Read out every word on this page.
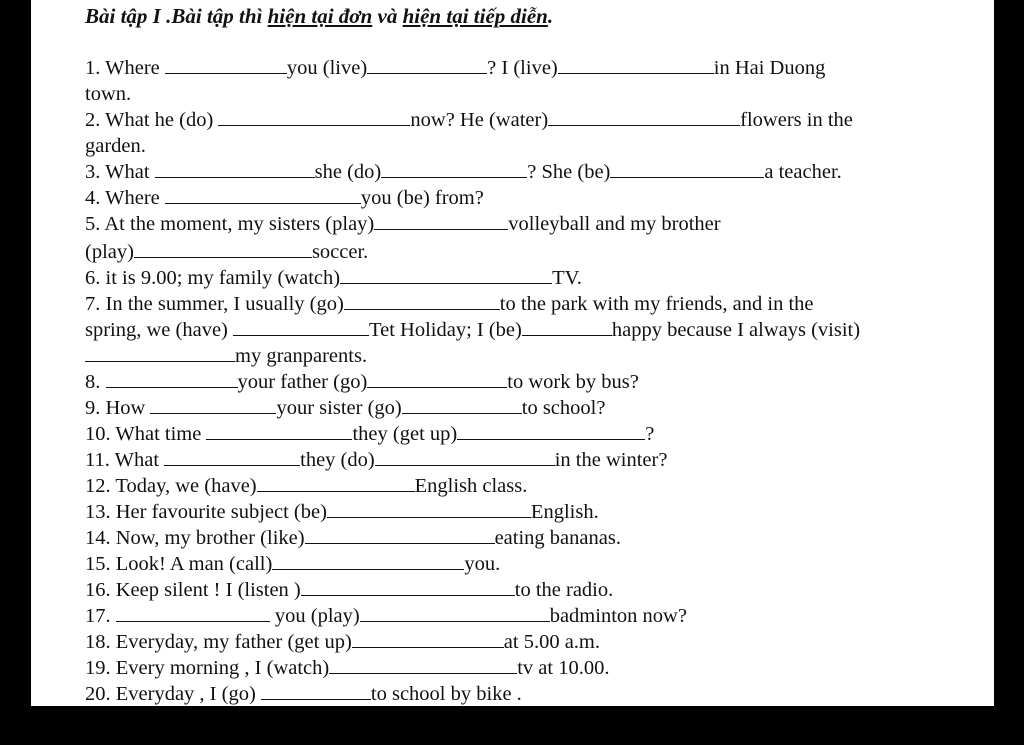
Bài tập I .Bài tập thì hiện tại đơn và hiện tại tiếp diễn.
1. Where	you (live)	? I (live)	in Hai Duong
town.
2. What he (do)	now? He (water)	flowers in the
garden.
3. What	she (do)	? She (be)	a teacher.
4. Where	you (be) from?
5. At the moment, my sisters (play)	volleyball and my brother
(play)	soccer.
6. it is 9.00; my family (watch)	TV.
7. In the summer, I usually (go)	to the park with my friends, and in the
spring, we (have)	Tet Holiday; I (be)	happy because I always (visit)
my granparents.
8.	your father (go)	to work by bus?
9. How	your sister (go)	to school?
10. What time	they (get up)	?
11. What	they (do)	in the winter?
12. Today, we (have)	English class.
13. Her favourite subject (be)	English.
14. Now, my brother (like)	eating bananas.
15. Look! A man (call)	you.
16. Keep silent ! I (listen )	to the radio.
17.	you (play)	badminton now?
18. Everyday, my father (get up)	at 5.00 a.m.
19. Every morning , I (watch)	tv at 10.00.
20. Everyday , I (go)	to school by bike .
